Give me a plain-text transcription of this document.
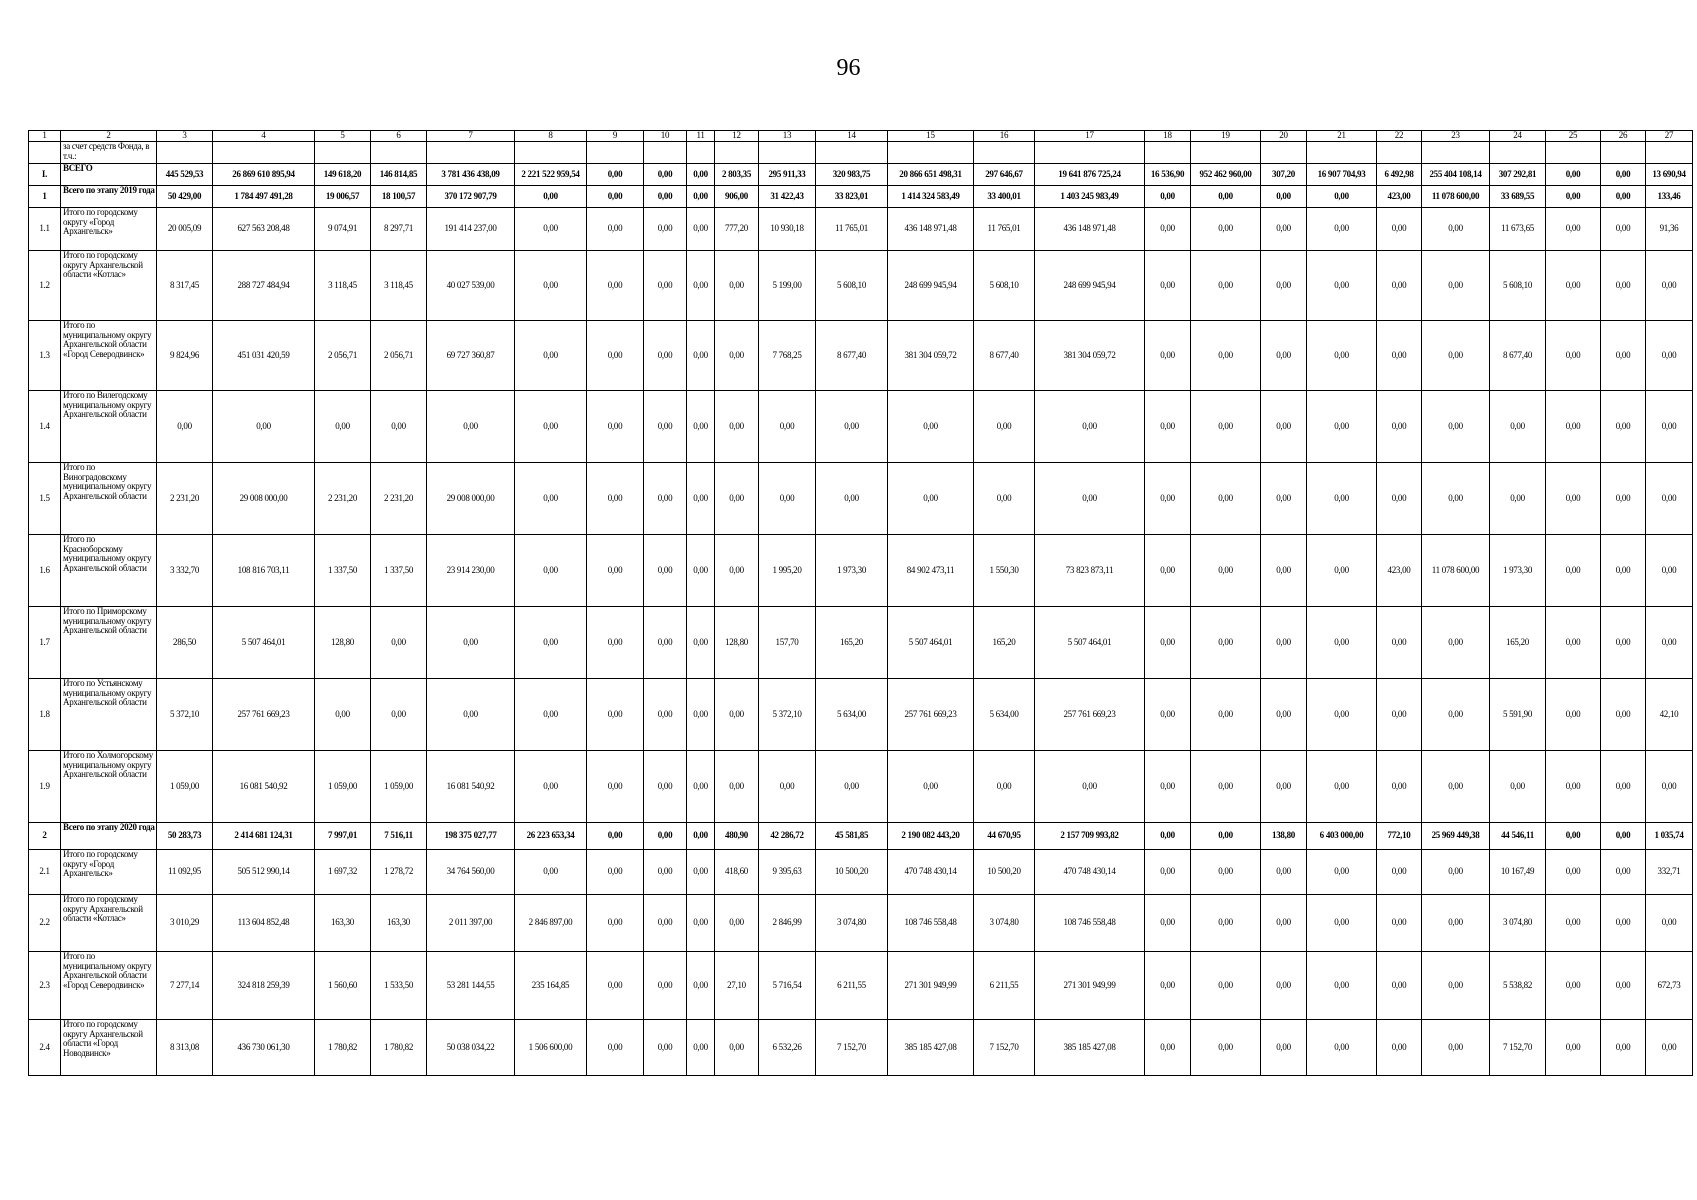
96
1	2	3	4	5	6	7	8	9	10	11	12	13	14	15	16	17	18	19	20	21	22	23	24	25	26	27
	за счет средств Фонда, в т.ч.:																									
I.	ВСЕГО	445 529,53	26 869 610 895,94	149 618,20	146 814,85	3 781 436 438,09	2 221 522 959,54	0,00	0,00	0,00	2 803,35	295 911,33	320 983,75	20 866 651 498,31	297 646,67	19 641 876 725,24	16 536,90	952 462 960,00	307,20	16 907 704,93	6 492,98	255 404 108,14	307 292,81	0,00	0,00	13 690,94
1	Всего по этапу 2019 года	50 429,00	1 784 497 491,28	19 006,57	18 100,57	370 172 907,79	0,00	0,00	0,00	0,00	906,00	31 422,43	33 823,01	1 414 324 583,49	33 400,01	1 403 245 983,49	0,00	0,00	0,00	0,00	423,00	11 078 600,00	33 689,55	0,00	0,00	133,46
1.1	Итого по городскому округу «Город Архангельск»	20 005,09	627 563 208,48	9 074,91	8 297,71	191 414 237,00	0,00	0,00	0,00	0,00	777,20	10 930,18	11 765,01	436 148 971,48	11 765,01	436 148 971,48	0,00	0,00	0,00	0,00	0,00	0,00	11 673,65	0,00	0,00	91,36
1.2	Итого по городскому округу Архангельской области «Котлас»	8 317,45	288 727 484,94	3 118,45	3 118,45	40 027 539,00	0,00	0,00	0,00	0,00	0,00	5 199,00	5 608,10	248 699 945,94	5 608,10	248 699 945,94	0,00	0,00	0,00	0,00	0,00	0,00	5 608,10	0,00	0,00	0,00
1.3	Итого по муниципальному округу Архангельской области «Город Северодвинск»	9 824,96	451 031 420,59	2 056,71	2 056,71	69 727 360,87	0,00	0,00	0,00	0,00	0,00	7 768,25	8 677,40	381 304 059,72	8 677,40	381 304 059,72	0,00	0,00	0,00	0,00	0,00	0,00	8 677,40	0,00	0,00	0,00
1.4	Итого по Вилегодскому муниципальному округу Архангельской области	0,00	0,00	0,00	0,00	0,00	0,00	0,00	0,00	0,00	0,00	0,00	0,00	0,00	0,00	0,00	0,00	0,00	0,00	0,00	0,00	0,00	0,00	0,00	0,00	0,00
1.5	Итого по Виноградовскому муниципальному округу Архангельской области	2 231,20	29 008 000,00	2 231,20	2 231,20	29 008 000,00	0,00	0,00	0,00	0,00	0,00	0,00	0,00	0,00	0,00	0,00	0,00	0,00	0,00	0,00	0,00	0,00	0,00	0,00	0,00	0,00
1.6	Итого по Красноборскому муниципальному округу Архангельской области	3 332,70	108 816 703,11	1 337,50	1 337,50	23 914 230,00	0,00	0,00	0,00	0,00	0,00	1 995,20	1 973,30	84 902 473,11	1 550,30	73 823 873,11	0,00	0,00	0,00	0,00	423,00	11 078 600,00	1 973,30	0,00	0,00	0,00
1.7	Итого по Приморскому муниципальному округу Архангельской области	286,50	5 507 464,01	128,80	0,00	0,00	0,00	0,00	0,00	0,00	128,80	157,70	165,20	5 507 464,01	165,20	5 507 464,01	0,00	0,00	0,00	0,00	0,00	0,00	165,20	0,00	0,00	0,00
1.8	Итого по Устьянскому муниципальному округу Архангельской области	5 372,10	257 761 669,23	0,00	0,00	0,00	0,00	0,00	0,00	0,00	0,00	5 372,10	5 634,00	257 761 669,23	5 634,00	257 761 669,23	0,00	0,00	0,00	0,00	0,00	0,00	5 591,90	0,00	0,00	42,10
1.9	Итого по Холмогорскому муниципальному округу Архангельской области	1 059,00	16 081 540,92	1 059,00	1 059,00	16 081 540,92	0,00	0,00	0,00	0,00	0,00	0,00	0,00	0,00	0,00	0,00	0,00	0,00	0,00	0,00	0,00	0,00	0,00	0,00	0,00	0,00
2	Всего по этапу 2020 года	50 283,73	2 414 681 124,31	7 997,01	7 516,11	198 375 027,77	26 223 653,34	0,00	0,00	0,00	480,90	42 286,72	45 581,85	2 190 082 443,20	44 670,95	2 157 709 993,82	0,00	0,00	138,80	6 403 000,00	772,10	25 969 449,38	44 546,11	0,00	0,00	1 035,74
2.1	Итого по городскому округу «Город Архангельск»	11 092,95	505 512 990,14	1 697,32	1 278,72	34 764 560,00	0,00	0,00	0,00	0,00	418,60	9 395,63	10 500,20	470 748 430,14	10 500,20	470 748 430,14	0,00	0,00	0,00	0,00	0,00	0,00	10 167,49	0,00	0,00	332,71
2.2	Итого по городскому округу Архангельской области «Котлас»	3 010,29	113 604 852,48	163,30	163,30	2 011 397,00	2 846 897,00	0,00	0,00	0,00	0,00	2 846,99	3 074,80	108 746 558,48	3 074,80	108 746 558,48	0,00	0,00	0,00	0,00	0,00	0,00	3 074,80	0,00	0,00	0,00
2.3	Итого по муниципальному округу Архангельской области «Город Северодвинск»	7 277,14	324 818 259,39	1 560,60	1 533,50	53 281 144,55	235 164,85	0,00	0,00	0,00	27,10	5 716,54	6 211,55	271 301 949,99	6 211,55	271 301 949,99	0,00	0,00	0,00	0,00	0,00	0,00	5 538,82	0,00	0,00	672,73
2.4	Итого по городскому округу Архангельской области «Город Новодвинск»	8 313,08	436 730 061,30	1 780,82	1 780,82	50 038 034,22	1 506 600,00	0,00	0,00	0,00	0,00	6 532,26	7 152,70	385 185 427,08	7 152,70	385 185 427,08	0,00	0,00	0,00	0,00	0,00	0,00	7 152,70	0,00	0,00	0,00
